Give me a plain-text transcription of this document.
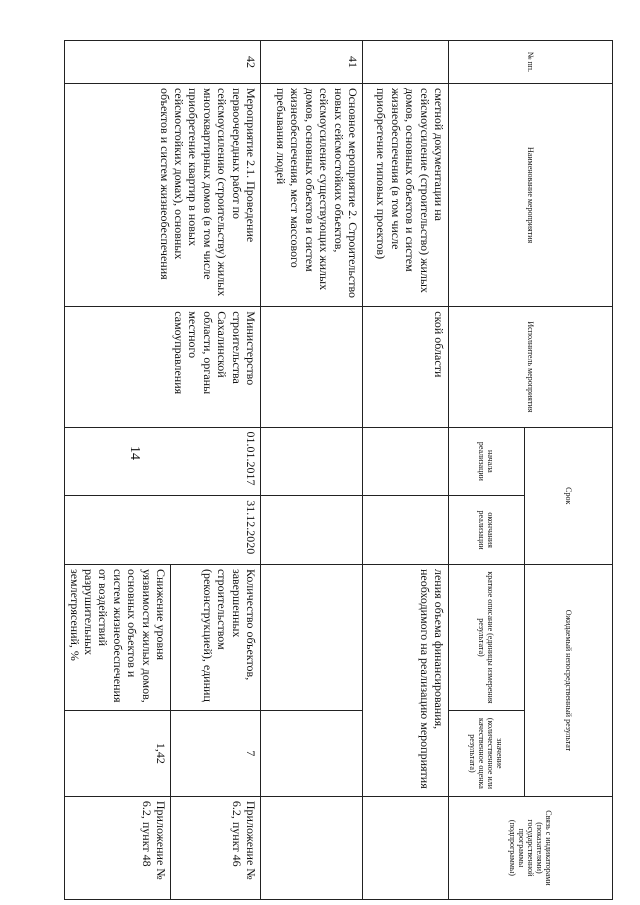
14
№ пп.	Наименование мероприятия	Исполнитель мероприятия	Срок		Ожидаемый непосредственный результат		Связь с индикаторами (показателями) государственной программы (подпрограммы)
			начала реализации	окончания реализации	краткое описание (единицы измерения результата)	значение (количественное или качественное оценка результата)	
	сметной документации на сейсмоусиление (строительство) жилых домов, основных объектов и систем жизнеобеспечения (в том числе приобретение типовых проектов)	ской области			ления объема финансирования, необходимого на реализацию мероприятия		
41	Основное мероприятие 2. Строительство новых сейсмостойких объектов, сейсмоусиление существующих жилых домов, основных объектов и систем жизнеобеспечения, мест массового пребывания людей						
42	Мероприятие 2.1. Проведение первоочередных работ по сейсмоусилению (строительству) жилых многоквартирных домов (в том числе приобретение квартир в новых сейсмостойких домах), основных объектов и систем жизнеобеспечения	Министерство строительства Сахалинской области, органы местного самоуправления	01.01.2017	31.12.2020	Количество объектов, завершенных строительством (реконструкцией), единиц	7	Приложение № 6.2, пункт 46
					Снижение уровня уязвимости жилых домов, основных объектов и систем жизнеобеспечения от воздействий разрушительных землетрясений, %	1,42	Приложение № 6.2, пункт 48
